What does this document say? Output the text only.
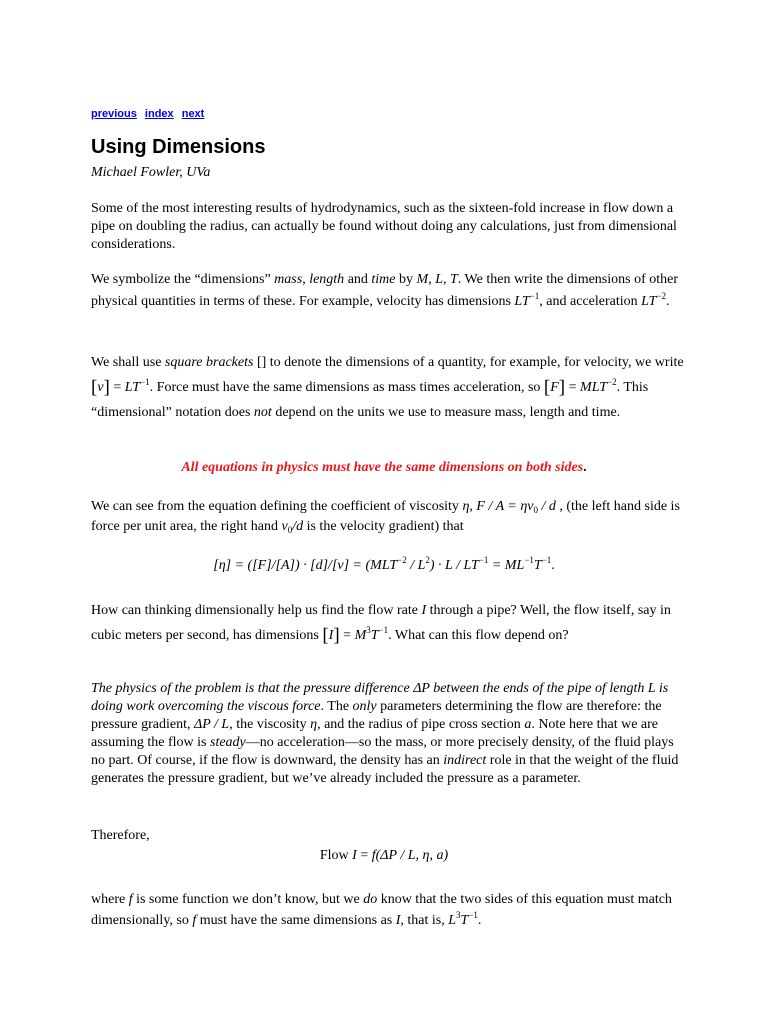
previous index next
Using Dimensions
Michael Fowler, UVa
Some of the most interesting results of hydrodynamics, such as the sixteen-fold increase in flow down a pipe on doubling the radius, can actually be found without doing any calculations, just from dimensional considerations.
We symbolize the “dimensions” mass, length and time by M, L, T. We then write the dimensions of other physical quantities in terms of these. For example, velocity has dimensions $LT^{-1}$, and acceleration $LT^{-2}$.
We shall use square brackets [] to denote the dimensions of a quantity, for example, for velocity, we write $[v] = LT^{-1}$. Force must have the same dimensions as mass times acceleration, so $[F] = MLT^{-2}$. This “dimensional” notation does not depend on the units we use to measure mass, length and time.
All equations in physics must have the same dimensions on both sides.
We can see from the equation defining the coefficient of viscosity η, $F / A = \eta v_0 / d$ , (the left hand side is force per unit area, the right hand $v_0/d$ is the velocity gradient) that
$[\eta] = ([F]/[A]) \cdot [d]/[v] = (MLT^{-2} / L^2) \cdot L / LT^{-1} = ML^{-1}T^{-1}$.
How can thinking dimensionally help us find the flow rate I through a pipe? Well, the flow itself, say in cubic meters per second, has dimensions $[I] = M^3T^{-1}$. What can this flow depend on?
The physics of the problem is that the pressure difference ΔP between the ends of the pipe of length L is doing work overcoming the viscous force. The only parameters determining the flow are therefore: the pressure gradient, ΔP / L, the viscosity η, and the radius of pipe cross section a. Note here that we are assuming the flow is steady—no acceleration—so the mass, or more precisely density, of the fluid plays no part. Of course, if the flow is downward, the density has an indirect role in that the weight of the fluid generates the pressure gradient, but we’ve already included the pressure as a parameter.
Therefore,
Flow I = f(ΔP / L, η, a)
where f is some function we don’t know, but we do know that the two sides of this equation must match dimensionally, so f must have the same dimensions as I, that is, $L^3T^{-1}$.
